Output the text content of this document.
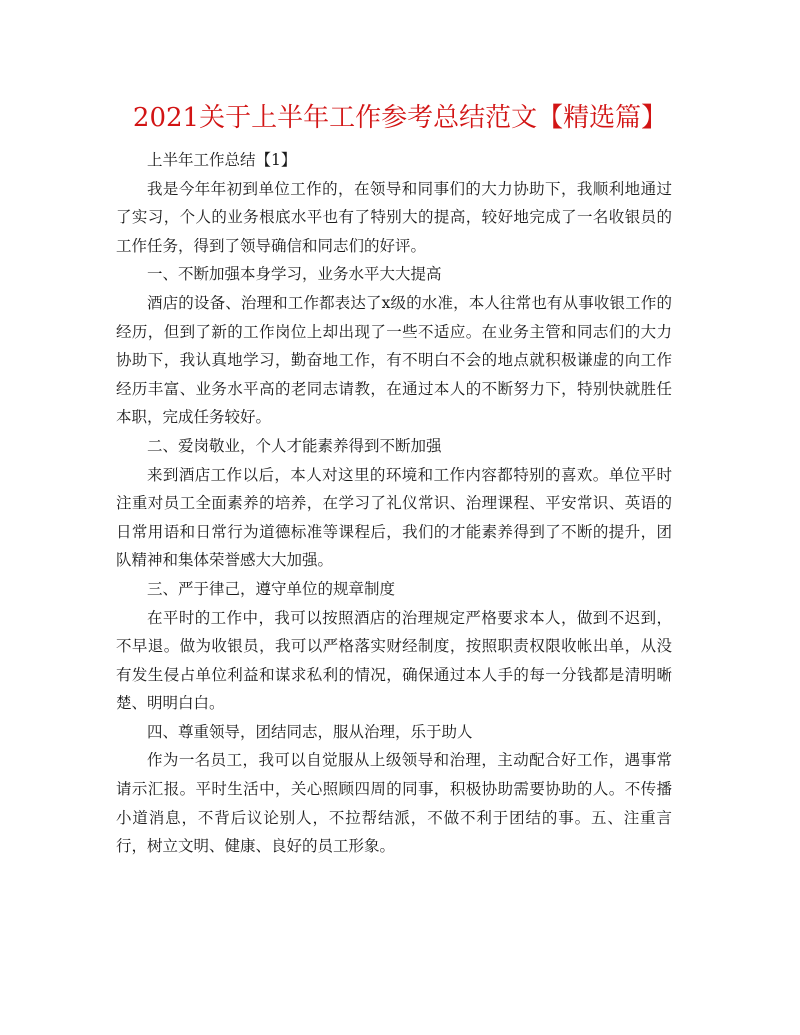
2021关于上半年工作参考总结范文【精选篇】

上半年工作总结【1】

我是今年年初到单位工作的，在领导和同事们的大力协助下，我顺利地通过了实习，个人的业务根底水平也有了特别大的提高，较好地完成了一名收银员的工作任务，得到了领导确信和同志们的好评。

一、不断加强本身学习，业务水平大大提高

酒店的设备、治理和工作都表达了x级的水准，本人往常也有从事收银工作的经历，但到了新的工作岗位上却出现了一些不适应。在业务主管和同志们的大力协助下，我认真地学习，勤奋地工作，有不明白不会的地点就积极谦虚的向工作经历丰富、业务水平高的老同志请教，在通过本人的不断努力下，特别快就胜任本职，完成任务较好。

二、爱岗敬业，个人才能素养得到不断加强

来到酒店工作以后，本人对这里的环境和工作内容都特别的喜欢。单位平时注重对员工全面素养的培养，在学习了礼仪常识、治理课程、平安常识、英语的日常用语和日常行为道德标准等课程后，我们的才能素养得到了不断的提升，团队精神和集体荣誉感大大加强。

三、严于律己，遵守单位的规章制度

在平时的工作中，我可以按照酒店的治理规定严格要求本人，做到不迟到，不早退。做为收银员，我可以严格落实财经制度，按照职责权限收帐出单，从没有发生侵占单位利益和谋求私利的情况，确保通过本人手的每一分钱都是清明晰楚、明明白白。

四、尊重领导，团结同志，服从治理，乐于助人

作为一名员工，我可以自觉服从上级领导和治理，主动配合好工作，遇事常请示汇报。平时生活中，关心照顾四周的同事，积极协助需要协助的人。不传播小道消息，不背后议论别人，不拉帮结派，不做不利于团结的事。五、注重言行，树立文明、健康、良好的员工形象。
